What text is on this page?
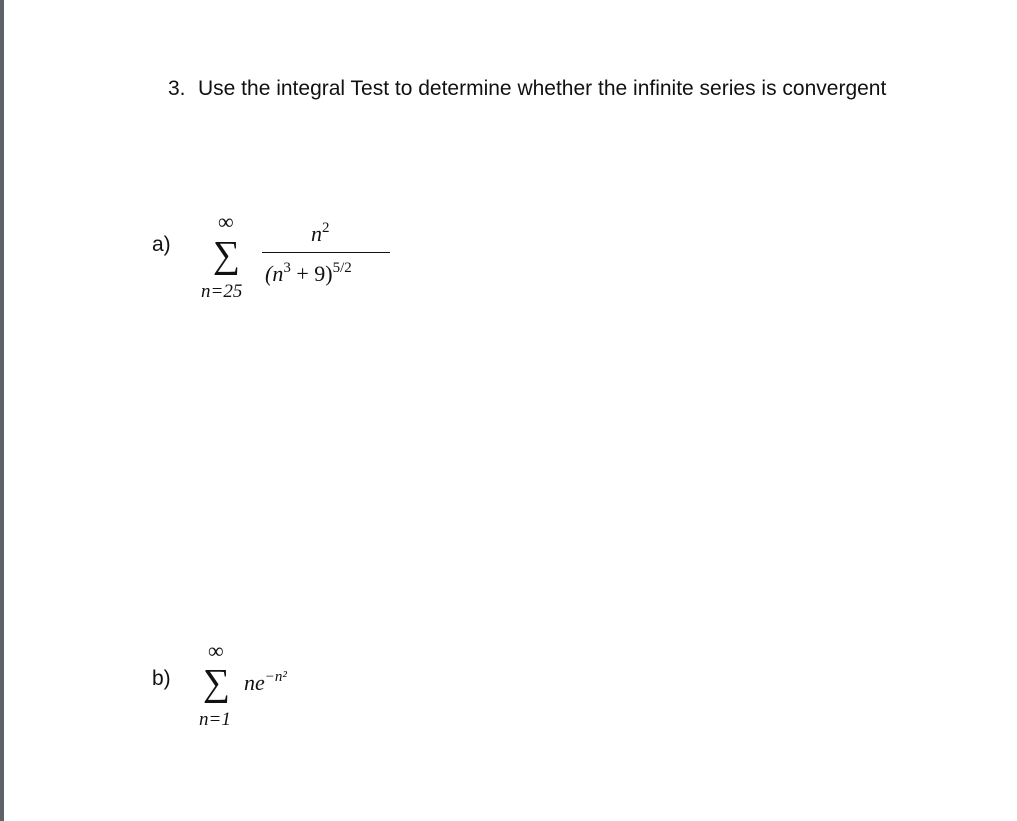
3. Use the integral Test to determine whether the infinite series is convergent
a)
∞
∑
n=25
$n^2$
$(n^3 + 9)^{5/2}$
b)
∞
∑
n=1
$ne^{-n^2}$
